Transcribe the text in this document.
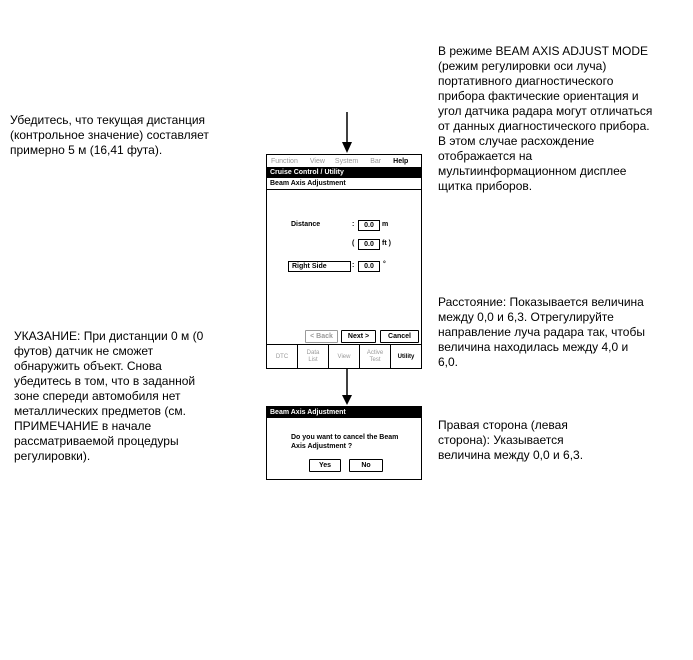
Убедитесь, что текущая дистанция
(контрольное значение) составляет
примерно 5 м (16,41 фута).
УКАЗАНИЕ: При дистанции 0 м (0
футов) датчик не сможет
обнаружить объект. Снова
убедитесь в том, что в заданной
зоне спереди автомобиля нет
металлических предметов (см.
ПРИМЕЧАНИЕ в начале
рассматриваемой процедуры
регулировки).
В режиме BEAM AXIS ADJUST MODE
(режим регулировки оси луча)
портативного диагностического
прибора фактические ориентация и
угол датчика радара могут отличаться
от данных диагностического прибора.
В этом случае расхождение
отображается на
мультиинформационном дисплее
щитка приборов.
Расстояние: Показывается величина
между 0,0 и 6,3. Отрегулируйте
направление луча радара так, чтобы
величина находилась между 4,0 и
6,0.
Правая сторона (левая
сторона): Указывается
величина между 0,0 и 6,3.
Function View System Bar Help
Cruise Control / Utility
Beam Axis Adjustment
Distance	:	0.0	m
(	0.0	ft )
Right Side	:	0.0	°
< Back	Next >	Cancel
DTC
Data
List
View
Active
Test
Utility
Beam Axis Adjustment
Do you want to cancel the Beam
Axis Adjustment ?
Yes	No
